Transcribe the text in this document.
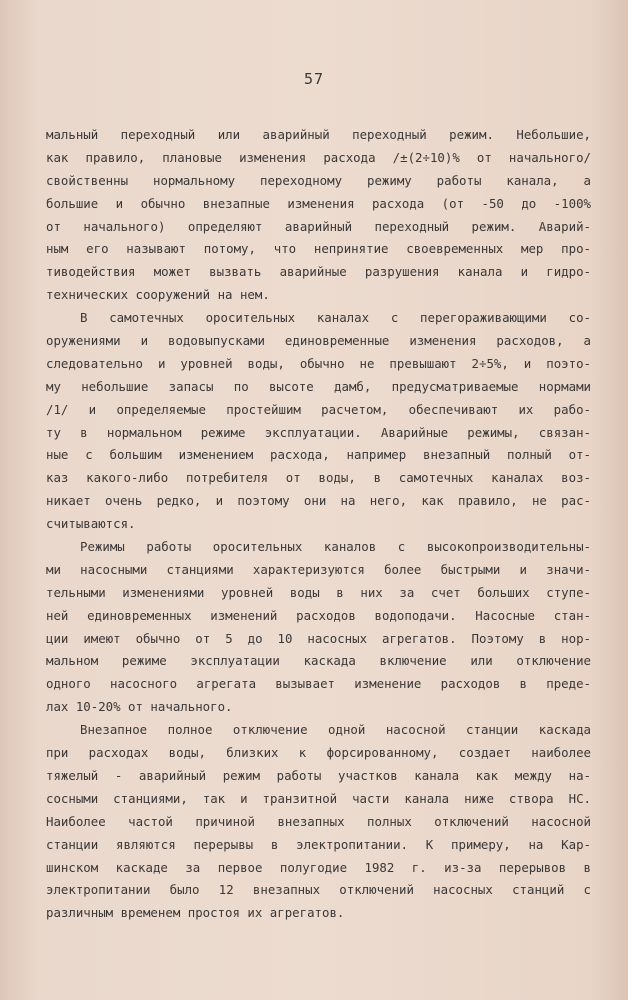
57
мальный переходный или аварийный переходный режим. Небольшие,
как правило, плановые изменения расхода /±(2÷10)% от начального/
свойственны нормальному переходному режиму работы канала, а
большие и обычно внезапные изменения расхода (от -50 до -100%
от начального) определяют аварийный переходный режим. Аварий-
ным его называют потому, что непринятие своевременных мер про-
тиводействия может вызвать аварийные разрушения канала и гидро-
технических сооружений на нем.
В самотечных оросительных каналах с перегораживающими со-
оружениями и водовыпусками единовременные изменения расходов, а
следовательно и уровней воды, обычно не превышают 2÷5%, и поэто-
му небольшие запасы по высоте дамб, предусматриваемые нормами
/1/ и определяемые простейшим расчетом, обеспечивают их рабо-
ту в нормальном режиме эксплуатации. Аварийные режимы, связан-
ные с большим изменением расхода, например внезапный полный от-
каз какого-либо потребителя от воды, в самотечных каналах воз-
никает очень редко, и поэтому они на него, как правило, не рас-
считываются.
Режимы работы оросительных каналов с высокопроизводительны-
ми насосными станциями характеризуются более быстрыми и значи-
тельными изменениями уровней воды в них за счет больших ступе-
ней единовременных изменений расходов водоподачи. Насосные стан-
ции имеют обычно от 5 до 10 насосных агрегатов. Поэтому в нор-
мальном режиме эксплуатации каскада включение или отключение
одного насосного агрегата вызывает изменение расходов в преде-
лах 10-20% от начального.
Внезапное полное отключение одной насосной станции каскада
при расходах воды, близких к форсированному, создает наиболее
тяжелый - аварийный режим работы участков канала как между на-
сосными станциями, так и транзитной части канала ниже створа НС.
Наиболее частой причиной внезапных полных отключений насосной
станции являются перерывы в электропитании. К примеру, на Кар-
шинском каскаде за первое полугодие 1982 г. из-за перерывов в
электропитании было 12 внезапных отключений насосных станций с
различным временем простоя их агрегатов.
